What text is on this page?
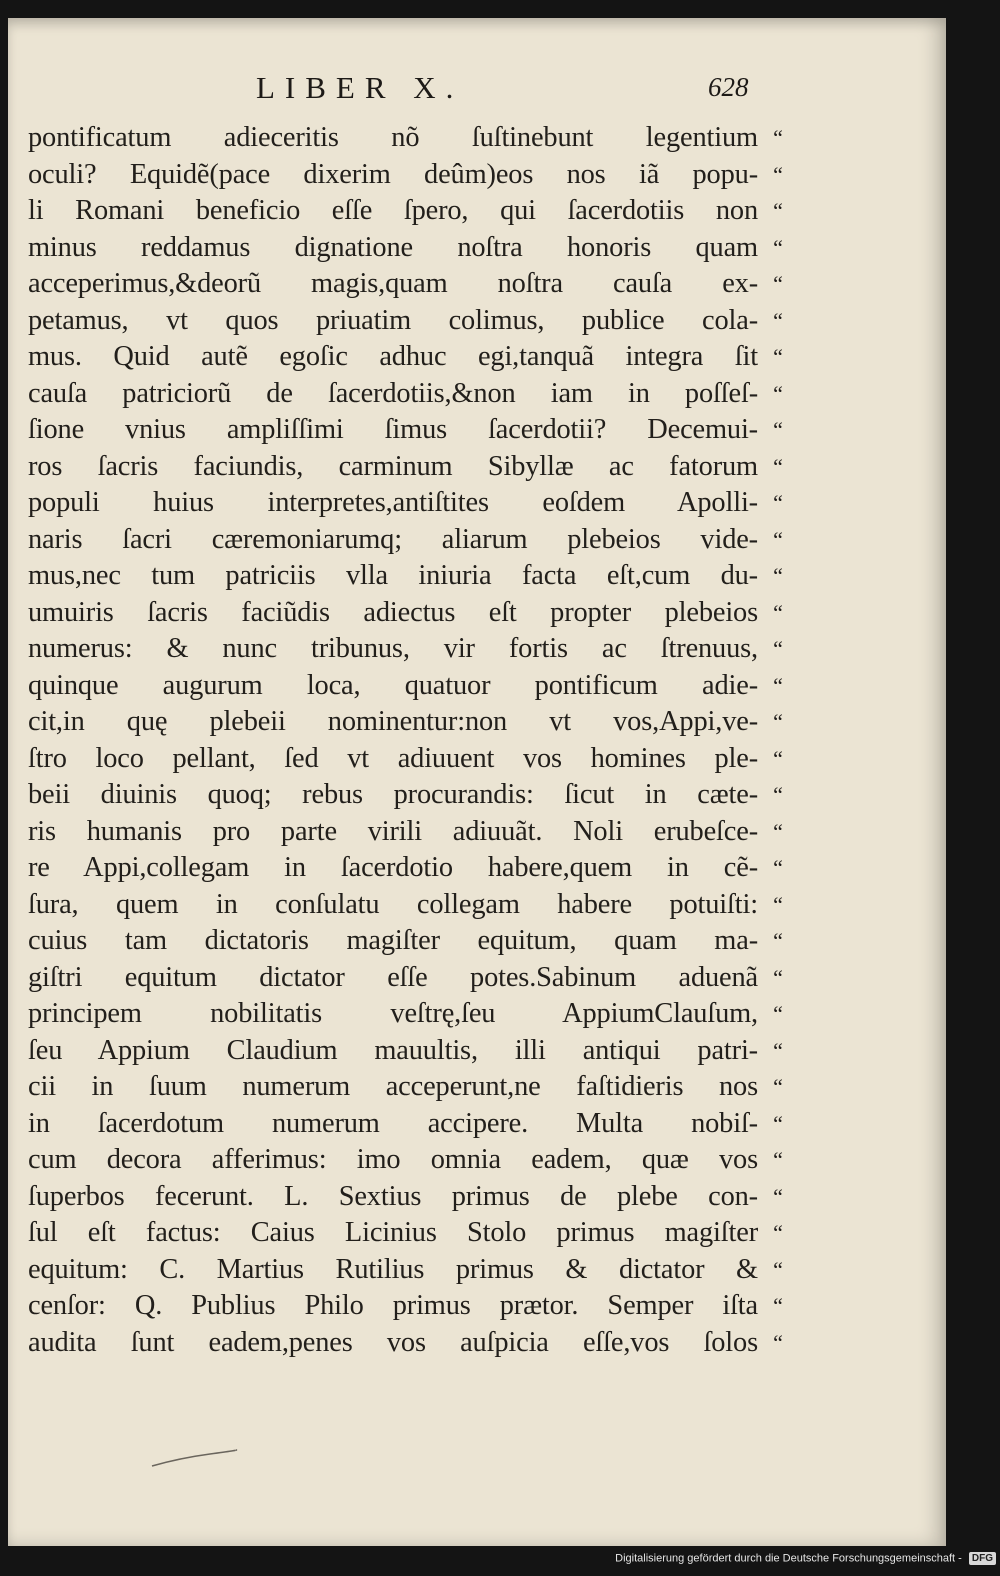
LIBER X.	628
pontificatum adieceritis nõ ſuſtinebunt legentium
oculi? Equidẽ(pace dixerim deûm)eos nos iã popu-
li Romani beneficio eſſe ſpero, qui ſacerdotiis non
minus reddamus dignatione noſtra honoris quam
acceperimus,&deorũ magis,quam noſtra cauſa ex-
petamus, vt quos priuatim colimus, publice cola-
mus. Quid autẽ egoſic adhuc egi,tanquã integra ſit
cauſa patriciorũ de ſacerdotiis,&non iam in poſſeſ-
ſione vnius ampliſſimi ſimus ſacerdotii? Decemui-
ros ſacris faciundis, carminum Sibyllæ ac fatorum
populi huius interpretes,antiſtites eoſdem Apolli-
naris ſacri cæremoniarumq; aliarum plebeios vide-
mus,nec tum patriciis vlla iniuria facta eſt,cum du-
umuiris ſacris faciũdis adiectus eſt propter plebeios
numerus: & nunc tribunus, vir fortis ac ſtrenuus,
quinque augurum loca, quatuor pontificum adie-
cit,in quę plebeii nominentur:non vt vos,Appi,ve-
ſtro loco pellant, ſed vt adiuuent vos homines ple-
beii diuinis quoq; rebus procurandis: ſicut in cæte-
ris humanis pro parte virili adiuuãt. Noli erubeſce-
re Appi,collegam in ſacerdotio habere,quem in cẽ-
ſura, quem in conſulatu collegam habere potuiſti:
cuius tam dictatoris magiſter equitum, quam ma-
giſtri equitum dictator eſſe potes.Sabinum aduenã
principem nobilitatis veſtrę,ſeu AppiumClauſum,
ſeu Appium Claudium mauultis, illi antiqui patri-
cii in ſuum numerum acceperunt,ne faſtidieris nos
in ſacerdotum numerum accipere. Multa nobiſ-
cum decora afferimus: imo omnia eadem, quæ vos
ſuperbos fecerunt. L. Sextius primus de plebe con-
ſul eſt factus: Caius Licinius Stolo primus magiſter
equitum: C. Martius Rutilius primus & dictator &
cenſor: Q. Publius Philo primus prætor. Semper iſta
audita ſunt eadem,penes vos auſpicia eſſe,vos ſolos
“
“
“
“
“
“
“
“
“
“
“
“
“
“
“
“
“
“
“
“
“
“
“
“
“
“
“
“
“
“
“
“
“
“
Digitalisierung gefördert durch die Deutsche Forschungsgemeinschaft - DFG
